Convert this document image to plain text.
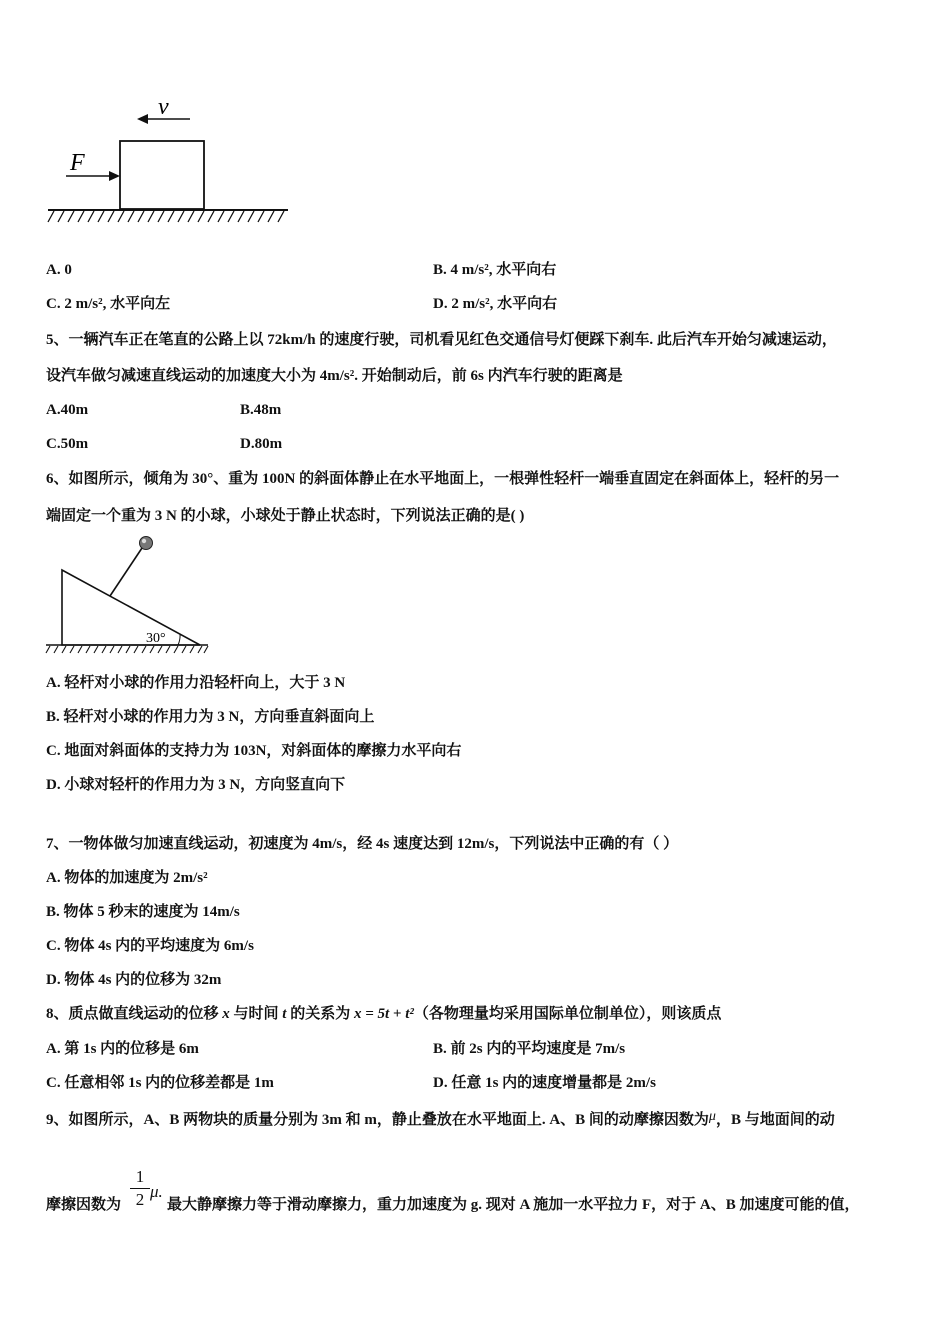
v
F
A. 0	B. 4 m/s², 水平向右
C. 2 m/s², 水平向左	D. 2 m/s², 水平向右
5、一辆汽车正在笔直的公路上以 72km/h 的速度行驶，司机看见红色交通信号灯便踩下刹车. 此后汽车开始匀减速运动，
设汽车做匀减速直线运动的加速度大小为 4m/s². 开始制动后，前 6s 内汽车行驶的距离是
A.40m	B.48m
C.50m	D.80m
6、如图所示，倾角为 30°、重为 100N 的斜面体静止在水平地面上，一根弹性轻杆一端垂直固定在斜面体上，轻杆的另一
端固定一个重为 3 N 的小球，小球处于静止状态时，下列说法正确的是( )
30°
A. 轻杆对小球的作用力沿轻杆向上，大于 3 N
B. 轻杆对小球的作用力为 3 N，方向垂直斜面向上
C. 地面对斜面体的支持力为 103N，对斜面体的摩擦力水平向右
D. 小球对轻杆的作用力为 3 N，方向竖直向下
7、一物体做匀加速直线运动，初速度为 4m/s，经 4s 速度达到 12m/s，下列说法中正确的有（ ）
A. 物体的加速度为 2m/s²
B. 物体 5 秒末的速度为 14m/s
C. 物体 4s 内的平均速度为 6m/s
D. 物体 4s 内的位移为 32m
8、质点做直线运动的位移 x 与时间 t 的关系为 x = 5t + t²（各物理量均采用国际单位制单位），则该质点
A. 第 1s 内的位移是 6m	B. 前 2s 内的平均速度是 7m/s
C. 任意相邻 1s 内的位移差都是 1m	D. 任意 1s 内的速度增量都是 2m/s
9、如图所示，A、B 两物块的质量分别为 3m 和 m，静止叠放在水平地面上. A、B 间的动摩擦因数为μ，B 与地面间的动
1
2 μ.
摩擦因数为	最大静摩擦力等于滑动摩擦力，重力加速度为 g. 现对 A 施加一水平拉力 F，对于 A、B 加速度可能的值，
